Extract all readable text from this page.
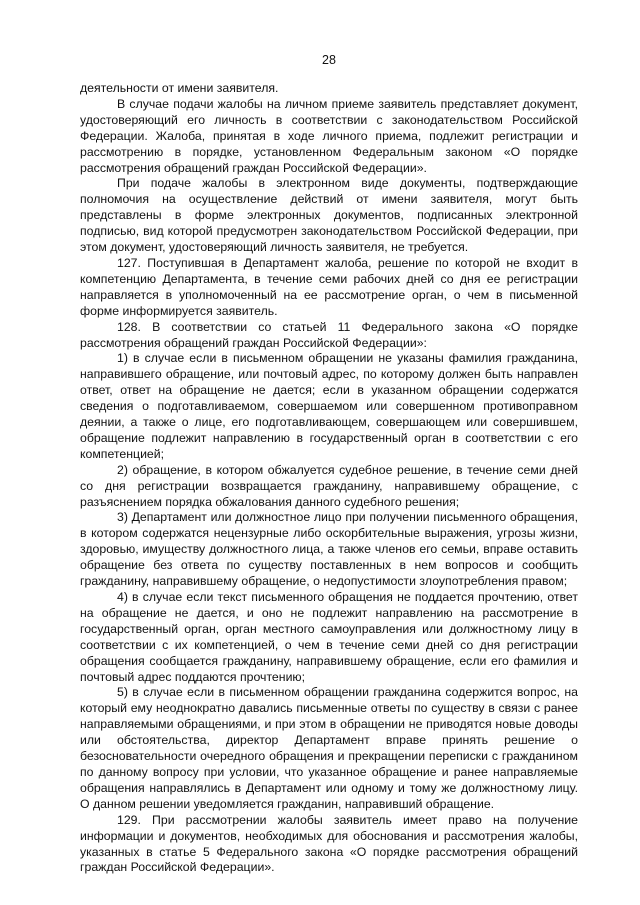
28

деятельности от имени заявителя.

В случае подачи жалобы на личном приеме заявитель представляет документ, удостоверяющий его личность в соответствии с законодательством Российской Федерации. Жалоба, принятая в ходе личного приема, подлежит регистрации и рассмотрению в порядке, установленном Федеральным законом «О порядке рассмотрения обращений граждан Российской Федерации».

При подаче жалобы в электронном виде документы, подтверждающие полномочия на осуществление действий от имени заявителя, могут быть представлены в форме электронных документов, подписанных электронной подписью, вид которой предусмотрен законодательством Российской Федерации, при этом документ, удостоверяющий личность заявителя, не требуется.

127. Поступившая в Департамент жалоба, решение по которой не входит в компетенцию Департамента, в течение семи рабочих дней со дня ее регистрации направляется в уполномоченный на ее рассмотрение орган, о чем в письменной форме информируется заявитель.

128. В соответствии со статьей 11 Федерального закона «О порядке рассмотрения обращений граждан Российской Федерации»:

1) в случае если в письменном обращении не указаны фамилия гражданина, направившего обращение, или почтовый адрес, по которому должен быть направлен ответ, ответ на обращение не дается; если в указанном обращении содержатся сведения о подготавливаемом, совершаемом или совершенном противоправном деянии, а также о лице, его подготавливающем, совершающем или совершившем, обращение подлежит направлению в государственный орган в соответствии с его компетенцией;

2) обращение, в котором обжалуется судебное решение, в течение семи дней со дня регистрации возвращается гражданину, направившему обращение, с разъяснением порядка обжалования данного судебного решения;

3) Департамент или должностное лицо при получении письменного обращения, в котором содержатся нецензурные либо оскорбительные выражения, угрозы жизни, здоровью, имуществу должностного лица, а также членов его семьи, вправе оставить обращение без ответа по существу поставленных в нем вопросов и сообщить гражданину, направившему обращение, о недопустимости злоупотребления правом;

4) в случае если текст письменного обращения не поддается прочтению, ответ на обращение не дается, и оно не подлежит направлению на рассмотрение в государственный орган, орган местного самоуправления или должностному лицу в соответствии с их компетенцией, о чем в течение семи дней со дня регистрации обращения сообщается гражданину, направившему обращение, если его фамилия и почтовый адрес поддаются прочтению;

5) в случае если в письменном обращении гражданина содержится вопрос, на который ему неоднократно давались письменные ответы по существу в связи с ранее направляемыми обращениями, и при этом в обращении не приводятся новые доводы или обстоятельства, директор Департамент вправе принять решение о безосновательности очередного обращения и прекращении переписки с гражданином по данному вопросу при условии, что указанное обращение и ранее направляемые обращения направлялись в Департамент или одному и тому же должностному лицу. О данном решении уведомляется гражданин, направивший обращение.

129. При рассмотрении жалобы заявитель имеет право на получение информации и документов, необходимых для обоснования и рассмотрения жалобы, указанных в статье 5 Федерального закона «О порядке рассмотрения обращений граждан Российской Федерации».
